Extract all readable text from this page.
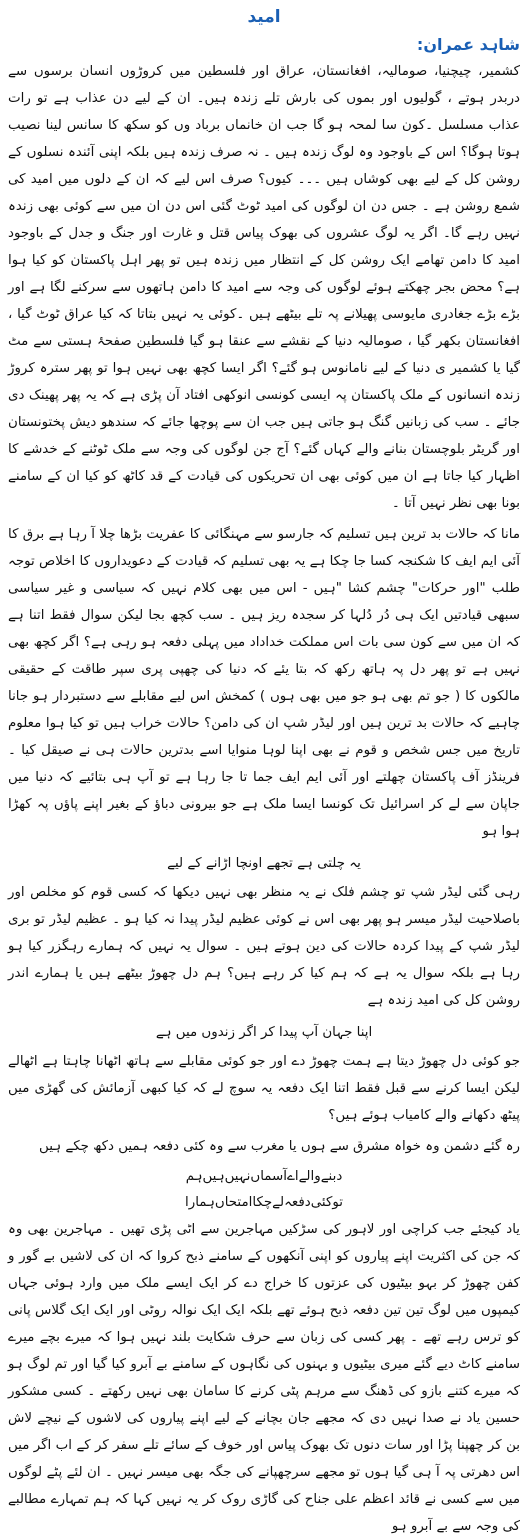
امید
شاہد عمران:

کشمیر، چیچنیا، صومالیہ، افغانستان، عراق اور فلسطین میں کروڑوں انسان برسوں سے دربدر ہوتے ، گولیوں اور بموں کی بارش تلے زندہ ہیں۔ ان کے لیے دن عذاب ہے تو رات عذاب مسلسل ۔کون سا لمحہ ہو گا جب ان خانماں برباد وں کو سکھ کا سانس لینا نصیب ہوتا ہوگا؟ اس کے باوجود وہ لوگ زندہ ہیں ۔ نہ صرف زندہ ہیں بلکہ اپنی آئندہ نسلوں کے روشن کل کے لیے بھی کوشاں ہیں ۔۔۔ کیوں؟ صرف اس لیے کہ ان کے دلوں میں امید کی شمع روشن ہے ۔ جس دن ان لوگوں کی امید ٹوٹ گئی اس دن ان میں سے کوئی بھی زندہ نہیں رہے گا۔ اگر یہ لوگ عشروں کی بھوک پیاس قتل و غارت اور جنگ و جدل کے باوجود امید کا دامن تھامے ایک روشن کل کے انتظار میں زندہ ہیں تو پھر اہل پاکستان کو کیا ہوا ہے؟ محض بجر چھکتے ہوئے لوگوں کی وجہ سے امید کا دامن ہاتھوں سے سرکنے لگا ہے اور بڑے بڑے جغادری مایوسی پھیلانے پہ تلے بیٹھے ہیں ۔کوئی یہ نہیں بتاتا کہ کیا عراق ٹوٹ گیا ، افغانستان بکھر گیا ، صومالیہ دنیا کے نقشے سے عنقا ہو گیا فلسطین صفحۂ ہستی سے مٹ گیا یا کشمیر ی دنیا کے لیے نامانوس ہو گئے؟ اگر ایسا کچھ بھی نہیں ہوا تو پھر سترہ کروڑ زندہ انسانوں کے ملک پاکستان پہ ایسی کونسی انوکھی افتاد آن پڑی ہے کہ یہ پھر پھینک دی جائے ۔ سب کی زبانیں گنگ ہو جاتی ہیں جب ان سے پوچھا جائے کہ سندھو دیش پختونستان اور گریٹر بلوچستان بنانے والے کہاں گئے؟ آج جن لوگوں کی وجہ سے ملک ٹوٹنے کے خدشے کا اظہار کیا جاتا ہے ان میں کوئی بھی ان تحریکوں کی قیادت کے قد کاٹھ کو کیا ان کے سامنے بونا بھی نظر نہیں آتا ۔

مانا کہ حالات بد ترین ہیں تسلیم کہ جارسو سے مہنگائی کا عفریت بڑھا چلا آ رہا ہے برق کا آئی ایم ایف کا شکنجہ کسا جا چکا ہے یہ بھی تسلیم کہ قیادت کے دعویداروں کا اخلاص توجہ طلب "اور حرکات" چشم کشا "ہیں - اس میں بھی کلام نہیں کہ سیاسی و غیر سیاسی سبھی قیادتیں ایک ہی دُر دُلہا کر سجدہ ریز ہیں ۔ سب کچھ بجا لیکن سوال فقط اتنا ہے کہ ان میں سے کون سی بات اس مملکت خداداد میں پہلی دفعہ ہو رہی ہے؟ اگر کچھ بھی نہیں ہے تو پھر دل پہ ہاتھ رکھ کہ بتا یئے کہ دنیا کی چھپی پری سپر طاقت کے حقیقی مالکوں کا ( جو تم بھی ہو جو میں بھی ہوں ) کمخش اس لیے مقابلے سے دستبردار ہو جانا چاہیے کہ حالات بد ترین ہیں اور لیڈر شپ ان کی دامن؟ حالات خراب ہیں تو کیا ہوا معلوم تاریخ میں جس شخص و قوم نے بھی اپنا لوہا منوایا اسے بدترین حالات ہی نے صیقل کیا ۔ فرینڈز آف پاکستان چھلتے اور آئی ایم ایف جما تا جا رہا ہے تو آپ ہی بتائیے کہ دنیا میں جاپان سے لے کر اسرائیل تک کونسا ایسا ملک ہے جو بیرونی دباؤ کے بغیر اپنے پاؤں پہ کھڑا ہوا ہو

یہ چلتی ہے تجھے اونچا اڑانے کے لیے

رہی گئی لیڈر شپ تو چشم فلک نے یہ منظر بھی نہیں دیکھا کہ کسی قوم کو مخلص اور باصلاحیت لیڈر میسر ہو پھر بھی اس نے کوئی عظیم لیڈر پیدا نہ کیا ہو ۔ عظیم لیڈر تو بری لیڈر شپ کے پیدا کردہ حالات کی دین ہوتے ہیں ۔ سوال یہ نہیں کہ ہمارے رہگزر کیا ہو رہا ہے بلکہ سوال یہ ہے کہ ہم کیا کر رہے ہیں؟ ہم دل چھوڑ بیٹھے ہیں یا ہمارے اندر روشن کل کی امید زندہ ہے

اپنا جہان آپ پیدا کر اگر زندوں میں ہے

جو کوئی دل چھوڑ دیتا ہے ہمت چھوڑ دے اور جو کوئی مقابلے سے ہاتھ اٹھانا چاہتا ہے اٹھالے لیکن ایسا کرنے سے قبل فقط اتنا ایک دفعہ یہ سوچ لے کہ کیا کبھی آزمائش کی گھڑی میں پیٹھ دکھانے والے کامیاب ہوئے ہیں؟

رہ گئے دشمن وہ خواہ مشرق سے ہوں یا مغرب سے وہ کئی دفعہ ہمیں دکھ چکے ہیں

دبنے
والے
اے
آسماں
نہیں
ہیں
ہم
تو
کئی
دفعہ
لے
چکا
امتحاں
ہمارا

یاد کیجئے جب کراچی اور لاہور کی سڑکیں مہاجرین سے اٹی پڑی تھیں ۔ مہاجرین بھی وہ کہ جن کی اکثریت اپنے پیاروں کو اپنی آنکھوں کے سامنے ذبح کروا کہ ان کی لاشیں بے گور و کفن چھوڑ کر بہو بیٹیوں کی عزتوں کا خراج دے کر ایک ایسے ملک میں وارد ہوئی جہاں کیمپوں میں لوگ تین تین دفعہ ذبح ہوئے تھے بلکہ ایک ایک نوالہ روٹی اور ایک ایک گلاس پانی کو ترس رہے تھے ۔ پھر کسی کی زبان سے حرف شکایت بلند نہیں ہوا کہ میرے بچے میرے سامنے کاٹ دیے گئے میری بیٹیوں و بہنوں کی نگاہوں کے سامنے بے آبرو کیا گیا اور تم لوگ ہو کہ میرے کتنے بازو کی ڈھنگ سے مرہم پٹی کرنے کا سامان بھی نہیں رکھتے ۔ کسی مشکور حسین یاد نے صدا نہیں دی کہ مجھے جان بچانے کے لیے اپنے پیاروں کی لاشوں کے نیچے لاش بن کر چھپنا پڑا اور سات دنوں تک بھوک پیاس اور خوف کے سائے تلے سفر کر کے اب اگر میں اس دھرتی پہ آ ہی گیا ہوں تو مجھے سرچھپانے کی جگہ بھی میسر نہیں ۔ ان لئے پٹے لوگوں میں سے کسی نے قائد اعظم علی جناح کی گاڑی روک کر یہ نہیں کہا کہ ہم تمہارے مطالبے کی وجہ سے بے آبرو ہو
